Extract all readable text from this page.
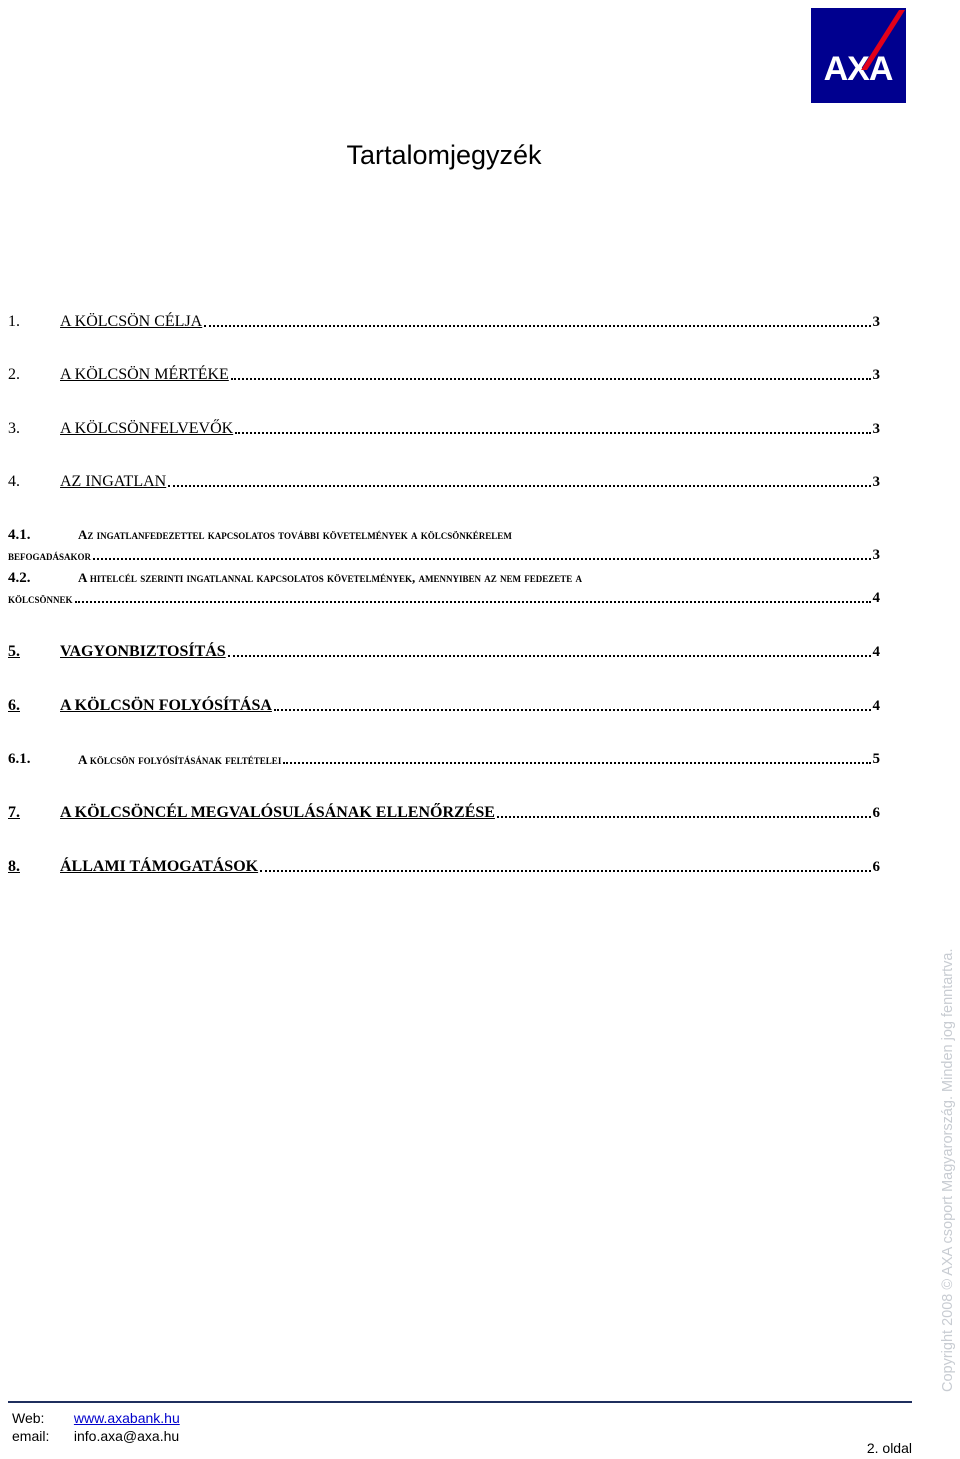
AXA
Tartalomjegyzék
1.	A KÖLCSÖN CÉLJA	3
2.	A KÖLCSÖN MÉRTÉKE	3
3.	A KÖLCSÖNFELVEVŐK	3
4.	AZ INGATLAN	3
4.1.	Az ingatlanfedezettel kapcsolatos további követelmények a kölcsönkérelem
befogadásakor	3
4.2.	A hitelcél szerinti ingatlannal kapcsolatos követelmények, amennyiben az nem fedezete a
kölcsönnek	4
5.	VAGYONBIZTOSÍTÁS	4
6.	A KÖLCSÖN FOLYÓSÍTÁSA	4
6.1.	A kölcsön folyósításának feltételei	5
7.	A KÖLCSÖNCÉL MEGVALÓSULÁSÁNAK ELLENŐRZÉSE	6
8.	ÁLLAMI TÁMOGATÁSOK	6
Copyright 2008 © AXA csoport Magyarország. Minden jog fenntartva.
Web: www.axabank.hu
email: info.axa@axa.hu
2. oldal
